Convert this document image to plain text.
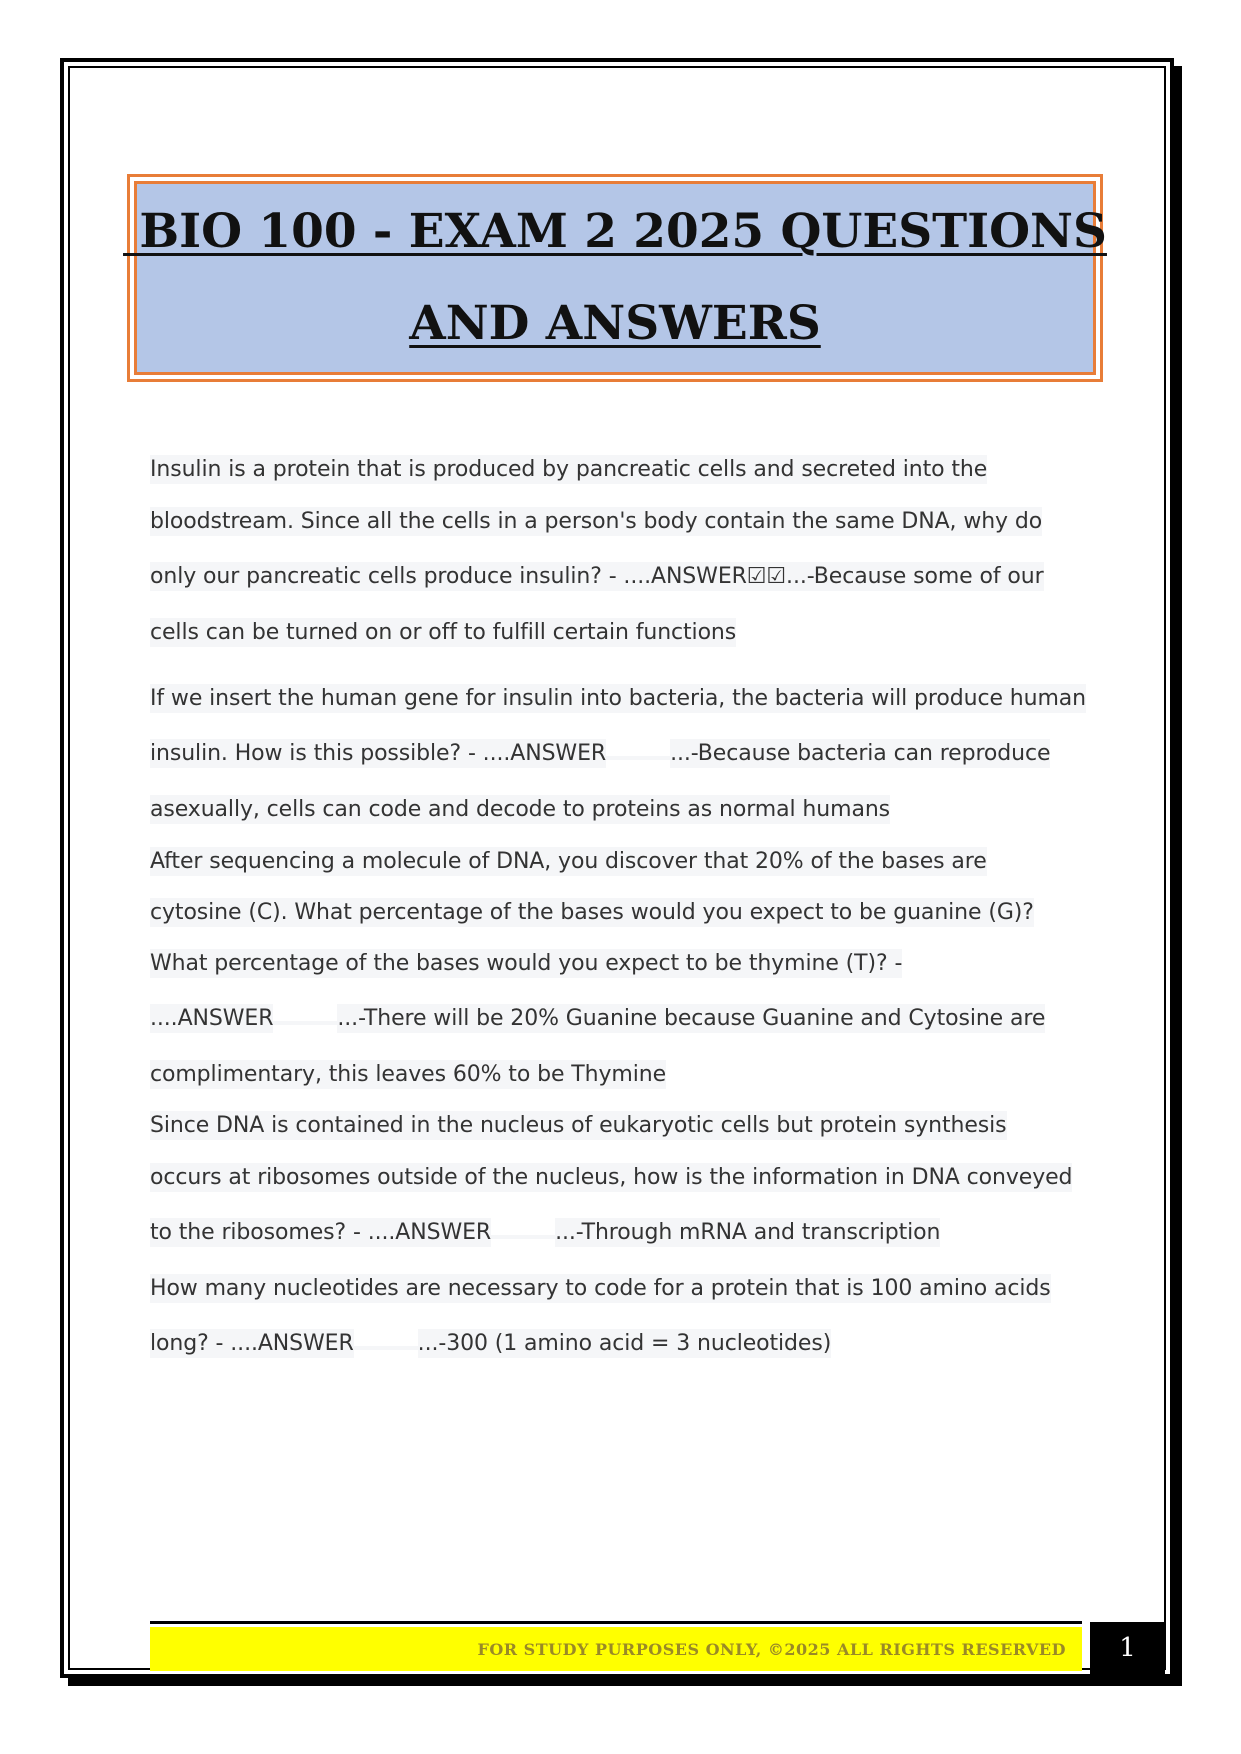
BIO 100 - EXAM 2 2025 QUESTIONS
AND ANSWERS
Insulin is a protein that is produced by pancreatic cells and secreted into the
bloodstream. Since all the cells in a person's body contain the same DNA, why do
only our pancreatic cells produce insulin? - ....ANSWER☑☑...-Because some of our
cells can be turned on or off to fulfill certain functions
If we insert the human gene for insulin into bacteria, the bacteria will produce human
insulin. How is this possible? - ....ANSWER	...-Because bacteria can reproduce
asexually, cells can code and decode to proteins as normal humans
After sequencing a molecule of DNA, you discover that 20% of the bases are
cytosine (C). What percentage of the bases would you expect to be guanine (G)?
What percentage of the bases would you expect to be thymine (T)? -
....ANSWER	...-There will be 20% Guanine because Guanine and Cytosine are
complimentary, this leaves 60% to be Thymine
Since DNA is contained in the nucleus of eukaryotic cells but protein synthesis
occurs at ribosomes outside of the nucleus, how is the information in DNA conveyed
to the ribosomes? - ....ANSWER	...-Through mRNA and transcription
How many nucleotides are necessary to code for a protein that is 100 amino acids
long? - ....ANSWER	...-300 (1 amino acid = 3 nucleotides)
FOR STUDY PURPOSES ONLY, ©2025 ALL RIGHTS RESERVED 1
